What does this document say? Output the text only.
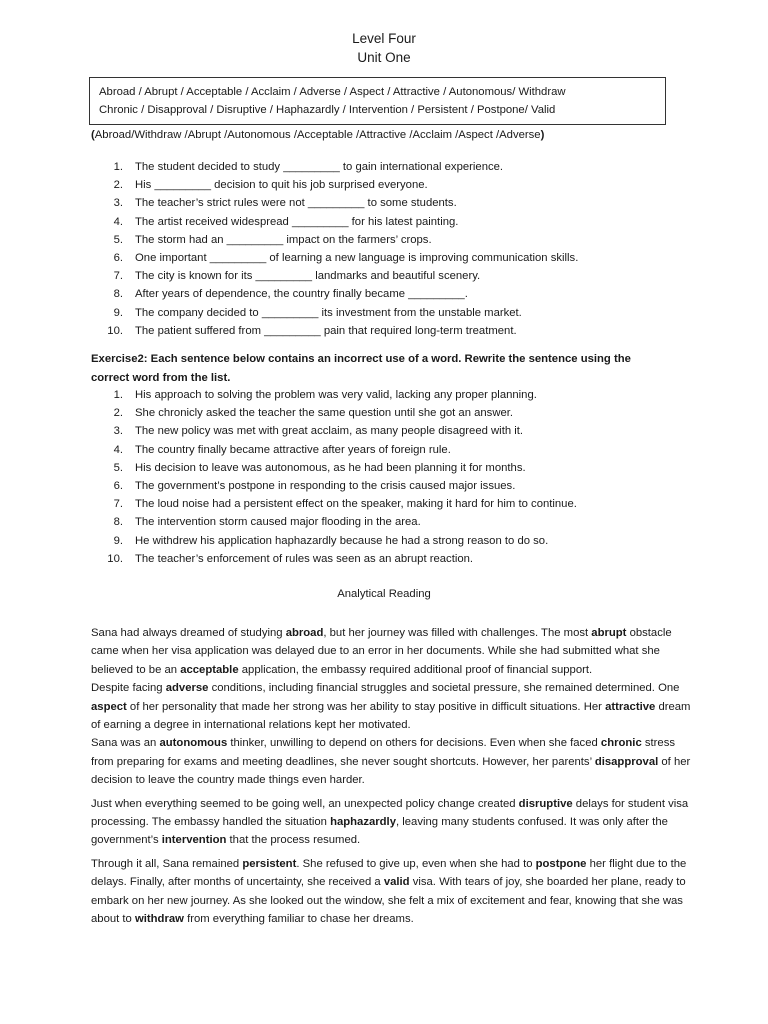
Level Four
Unit One
Abroad / Abrupt / Acceptable / Acclaim / Adverse / Aspect / Attractive / Autonomous/ Withdraw
Chronic / Disapproval / Disruptive / Haphazardly / Intervention / Persistent / Postpone/ Valid
(Abroad/Withdraw /Abrupt /Autonomous /Acceptable /Attractive /Acclaim /Aspect /Adverse)
1. The student decided to study _________ to gain international experience.
2. His _________ decision to quit his job surprised everyone.
3. The teacher’s strict rules were not _________ to some students.
4. The artist received widespread _________ for his latest painting.
5. The storm had an _________ impact on the farmers’ crops.
6. One important _________ of learning a new language is improving communication skills.
7. The city is known for its _________ landmarks and beautiful scenery.
8. After years of dependence, the country finally became _________.
9. The company decided to _________ its investment from the unstable market.
10. The patient suffered from _________ pain that required long-term treatment.
Exercise2: Each sentence below contains an incorrect use of a word. Rewrite the sentence using the correct word from the list.
1. His approach to solving the problem was very valid, lacking any proper planning.
2. She chronicly asked the teacher the same question until she got an answer.
3. The new policy was met with great acclaim, as many people disagreed with it.
4. The country finally became attractive after years of foreign rule.
5. His decision to leave was autonomous, as he had been planning it for months.
6. The government’s postpone in responding to the crisis caused major issues.
7. The loud noise had a persistent effect on the speaker, making it hard for him to continue.
8. The intervention storm caused major flooding in the area.
9. He withdrew his application haphazardly because he had a strong reason to do so.
10. The teacher’s enforcement of rules was seen as an abrupt reaction.
Analytical Reading

Sana had always dreamed of studying abroad, but her journey was filled with challenges. The most abrupt obstacle came when her visa application was delayed due to an error in her documents. While she had submitted what she believed to be an acceptable application, the embassy required additional proof of financial support.

Despite facing adverse conditions, including financial struggles and societal pressure, she remained determined. One aspect of her personality that made her strong was her ability to stay positive in difficult situations. Her attractive dream of earning a degree in international relations kept her motivated.

Sana was an autonomous thinker, unwilling to depend on others for decisions. Even when she faced chronic stress from preparing for exams and meeting deadlines, she never sought shortcuts. However, her parents’ disapproval of her decision to leave the country made things even harder.

Just when everything seemed to be going well, an unexpected policy change created disruptive delays for student visa processing. The embassy handled the situation haphazardly, leaving many students confused. It was only after the government’s intervention that the process resumed.

Through it all, Sana remained persistent. She refused to give up, even when she had to postpone her flight due to the delays. Finally, after months of uncertainty, she received a valid visa. With tears of joy, she boarded her plane, ready to embark on her new journey. As she looked out the window, she felt a mix of excitement and fear, knowing that she was about to withdraw from everything familiar to chase her dreams.
